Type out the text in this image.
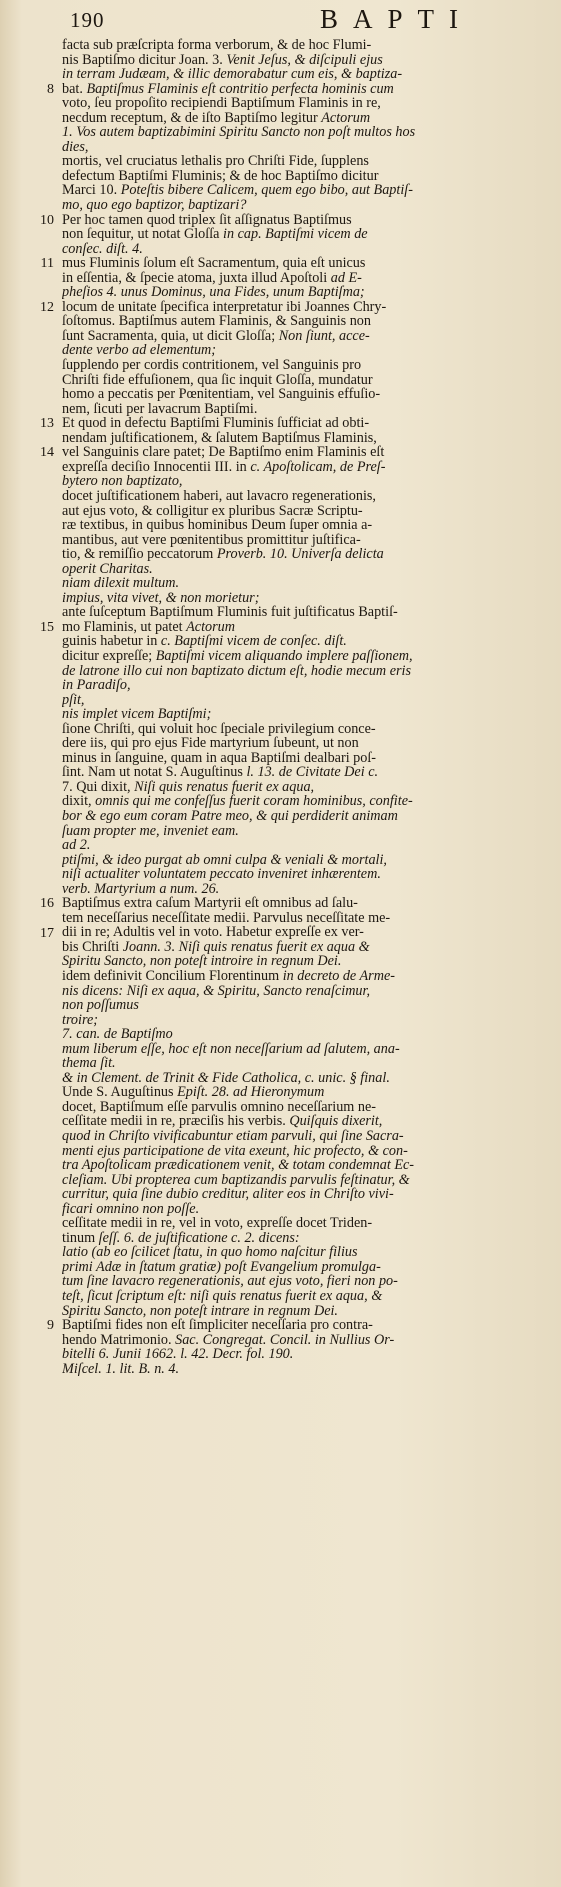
190	BAPTI
facta sub præſcripta forma verborum, & de hoc Flumi-
nis Baptiſmo dicitur Joan. 3. Venit Jeſus, & diſcipuli ejus
in terram Judæam, & illic demorabatur cum eis, & baptiza-
bat. Baptiſmus Flaminis eſt contritio perfecta hominis cum
voto, ſeu propoſito recipiendi Baptiſmum Flaminis in re,
necdum receptum, & de iſto Baptiſmo legitur Actorum
1. Vos autem baptizabimini Spiritu Sancto non poſt multos hos
dies,
mortis, vel cruciatus lethalis pro Chriſti Fide, ſupplens
defectum Baptiſmi Fluminis; & de hoc Baptiſmo dicitur
Marci 10. Poteſtis bibere Calicem, quem ego bibo, aut Baptiſ-
mo, quo ego baptizor, baptizari?
Per hoc tamen quod triplex ſit aſſignatus Baptiſmus
non ſequitur, ut notat Gloſſa in cap. Baptiſmi vicem de
conſec. diſt. 4.
mus Fluminis ſolum eſt Sacramentum, quia eſt unicus
in eſſentia, & ſpecie atoma, juxta illud Apoſtoli ad E-
pheſios 4. unus Dominus, una Fides, unum Baptiſma;
locum de unitate ſpecifica interpretatur ibi Joannes Chry-
ſoſtomus. Baptiſmus autem Flaminis, & Sanguinis non
ſunt Sacramenta, quia, ut dicit Gloſſa; Non ſiunt, acce-
dente verbo ad elementum;
ſupplendo per cordis contritionem, vel Sanguinis pro
Chriſti fide effuſionem, qua ſic inquit Gloſſa, mundatur
homo a peccatis per Pœnitentiam, vel Sanguinis effuſio-
nem, ſicuti per lavacrum Baptiſmi.
Et quod in defectu Baptiſmi Fluminis ſufficiat ad obti-
nendam juſtificationem, & ſalutem Baptiſmus Flaminis,
vel Sanguinis clare patet; De Baptiſmo enim Flaminis eſt
expreſſa deciſio Innocentii III. in c. Apoſtolicam, de Preſ-
bytero non baptizato,
docet juſtificationem haberi, aut lavacro regenerationis,
aut ejus voto, & colligitur ex pluribus Sacræ Scriptu-
ræ textibus, in quibus hominibus Deum ſuper omnia a-
mantibus, aut vere pœnitentibus promittitur juſtifica-
tio, & remiſſio peccatorum Proverb. 10. Univerſa delicta
operit Charitas.
niam dilexit multum.
impius, vita vivet, & non morietur;
ante ſuſceptum Baptiſmum Fluminis fuit juſtificatus Baptiſ-
mo Flaminis, ut patet Actorum
guinis habetur in c. Baptiſmi vicem de conſec. diſt.
dicitur expreſſe; Baptiſmi vicem aliquando implere paſſionem,
de latrone illo cui non baptizato dictum eſt, hodie mecum eris
in Paradiſo,
pſit,
nis implet vicem Baptiſmi;
ſione Chriſti, qui voluit hoc ſpeciale privilegium conce-
dere iis, qui pro ejus Fide martyrium ſubeunt, ut non
minus in ſanguine, quam in aqua Baptiſmi dealbari poſ-
ſint. Nam ut notat S. Auguſtinus l. 13. de Civitate Dei c.
7. Qui dixit, Niſi quis renatus fuerit ex aqua,
dixit, omnis qui me confeſſus fuerit coram hominibus, confite-
bor & ego eum coram Patre meo, & qui perdiderit animam
ſuam propter me, inveniet eam.
ad 2.
ptiſmi, & ideo purgat ab omni culpa & veniali & mortali,
niſi actualiter voluntatem peccato inveniret inhærentem.
verb. Martyrium a num. 26.
Baptiſmus extra caſum Martyrii eſt omnibus ad ſalu-
tem neceſſarius neceſſitate medii. Parvulus neceſſitate me-
dii in re; Adultis vel in voto. Habetur expreſſe ex ver-
bis Chriſti Joann. 3. Niſi quis renatus fuerit ex aqua &
Spiritu Sancto, non poteſt introire in regnum Dei.
idem definivit Concilium Florentinum in decreto de Arme-
nis dicens: Niſi ex aqua, & Spiritu, Sancto renaſcimur,
non poſſumus
troire;
7. can. de Baptiſmo
mum liberum eſſe, hoc eſt non neceſſarium ad ſalutem, ana-
thema ſit.
& in Clement. de Trinit & Fide Catholica, c. unic. § final.
Unde S. Auguſtinus Epiſt. 28. ad Hieronymum
docet, Baptiſmum eſſe parvulis omnino neceſſarium ne-
ceſſitate medii in re, præciſis his verbis. Quiſquis dixerit,
quod in Chriſto vivificabuntur etiam parvuli, qui ſine Sacra-
menti ejus participatione de vita exeunt, hic profecto, & con-
tra Apoſtolicam prædicationem venit, & totam condemnat Ec-
cleſiam. Ubi propterea cum baptizandis parvulis feſtinatur, &
curritur, quia ſine dubio creditur, aliter eos in Chriſto vivi-
ficari omnino non poſſe.
ceſſitate medii in re, vel in voto, expreſſe docet Triden-
tinum ſeſſ. 6. de juſtificatione c. 2. dicens:
latio (ab eo ſcilicet ſtatu, in quo homo naſcitur filius
primi Adæ in ſtatum gratiæ) poſt Evangelium promulga-
tum ſine lavacro regenerationis, aut ejus voto, fieri non po-
teſt, ſicut ſcriptum eſt: niſi quis renatus fuerit ex aqua, &
Spiritu Sancto, non poteſt intrare in regnum Dei.
Baptiſmi fides non eſt ſimpliciter neceſſaria pro contra-
hendo Matrimonio. Sac. Congregat. Concil. in Nullius Or-
bitelli 6. Junii 1662. l. 42. Decr. fol. 190.
Miſcel. 1. lit. B. n. 4.
8
10
11
12
13
14
15
16
17
9
